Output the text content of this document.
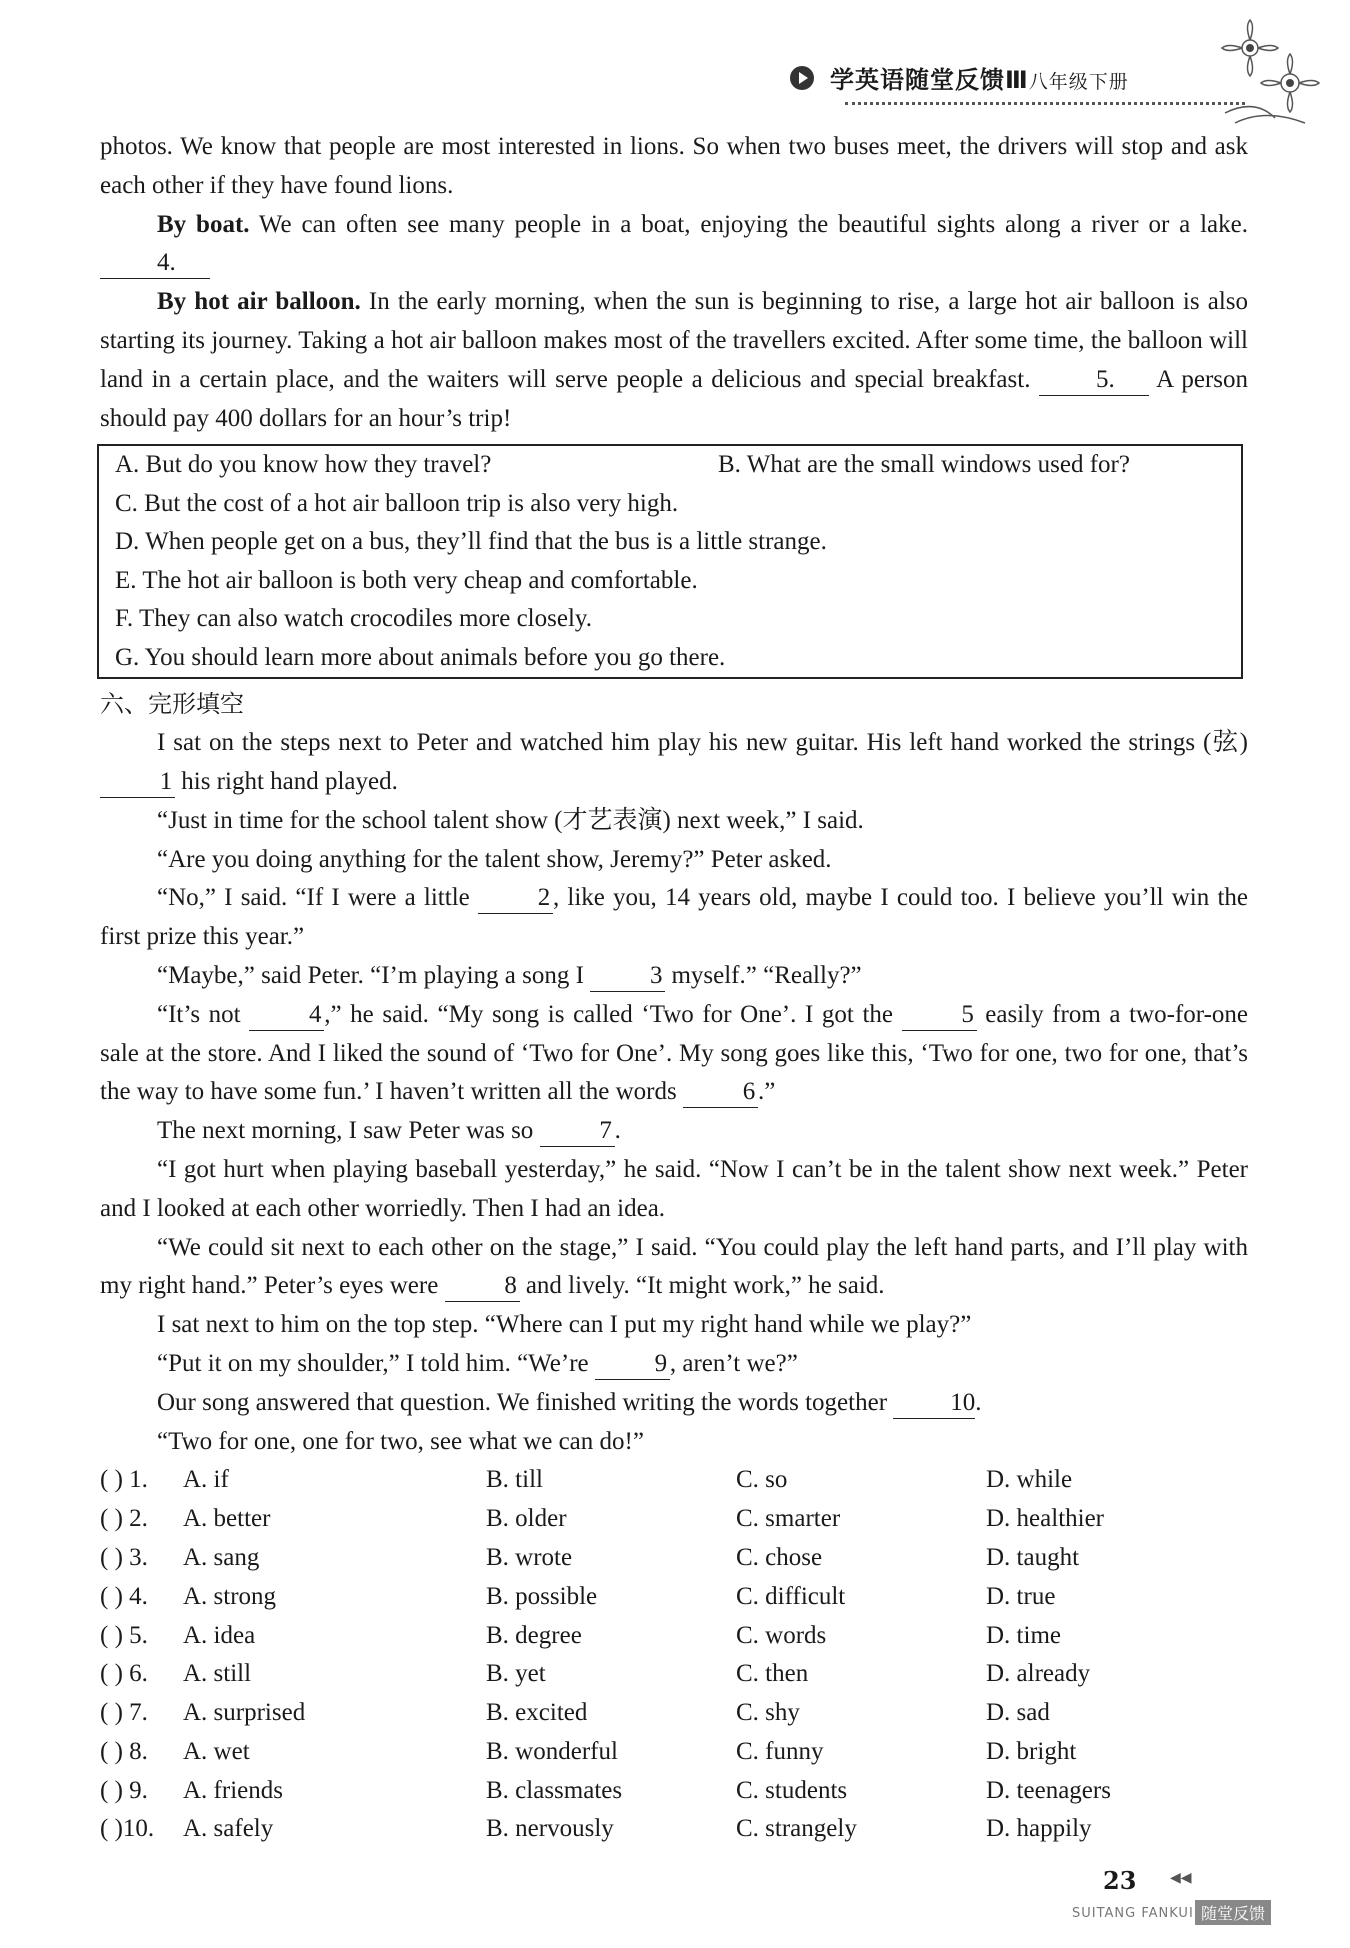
学英语随堂反馈Ⅲ八年级下册

photos. We know that people are most interested in lions. So when two buses meet, the drivers will stop and ask each other if they have found lions.

By boat. We can often see many people in a boat, enjoying the beautiful sights along a river or a lake. 4.

By hot air balloon. In the early morning, when the sun is beginning to rise, a large hot air balloon is also starting its journey. Taking a hot air balloon makes most of the travellers excited. After some time, the balloon will land in a certain place, and the waiters will serve people a delicious and special breakfast. 5. A person should pay 400 dollars for an hour’s trip!

A. But do you know how they travel?	B. What are the small windows used for?
C. But the cost of a hot air balloon trip is also very high.
D. When people get on a bus, they’ll find that the bus is a little strange.
E. The hot air balloon is both very cheap and comfortable.
F. They can also watch crocodiles more closely.
G. You should learn more about animals before you go there.
六、完形填空

I sat on the steps next to Peter and watched him play his new guitar. His left hand worked the strings (弦) 1 his right hand played.

“Just in time for the school talent show (才艺表演) next week,” I said.

“Are you doing anything for the talent show, Jeremy?” Peter asked.

“No,” I said. “If I were a little 2 , like you, 14 years old, maybe I could too. I believe you’ll win the first prize this year.”

“Maybe,” said Peter. “I’m playing a song I 3 myself.” “Really?”

“It’s not 4 ,” he said. “My song is called ‘Two for One’. I got the 5 easily from a two-for-one sale at the store. And I liked the sound of ‘Two for One’. My song goes like this, ‘Two for one, two for one, that’s the way to have some fun.’ I haven’t written all the words 6 .”

The next morning, I saw Peter was so 7 .

“I got hurt when playing baseball yesterday,” he said. “Now I can’t be in the talent show next week.” Peter and I looked at each other worriedly. Then I had an idea.

“We could sit next to each other on the stage,” I said. “You could play the left hand parts, and I’ll play with my right hand.” Peter’s eyes were 8 and lively. “It might work,” he said.

I sat next to him on the top step. “Where can I put my right hand while we play?”

“Put it on my shoulder,” I told him. “We’re 9 , aren’t we?”

Our song answered that question. We finished writing the words together 10.

“Two for one, one for two, see what we can do!”

( ) 1.	A. if	B. till	C. so	D. while
( ) 2.	A. better	B. older	C. smarter	D. healthier
( ) 3.	A. sang	B. wrote	C. chose	D. taught
( ) 4.	A. strong	B. possible	C. difficult	D. true
( ) 5.	A. idea	B. degree	C. words	D. time
( ) 6.	A. still	B. yet	C. then	D. already
( ) 7.	A. surprised	B. excited	C. shy	D. sad
( ) 8.	A. wet	B. wonderful	C. funny	D. bright
( ) 9.	A. friends	B. classmates	C. students	D. teenagers
( )10.	A. safely	B. nervously	C. strangely	D. happily
23 ◀◀
SUITANG FANKUI 随堂反馈
